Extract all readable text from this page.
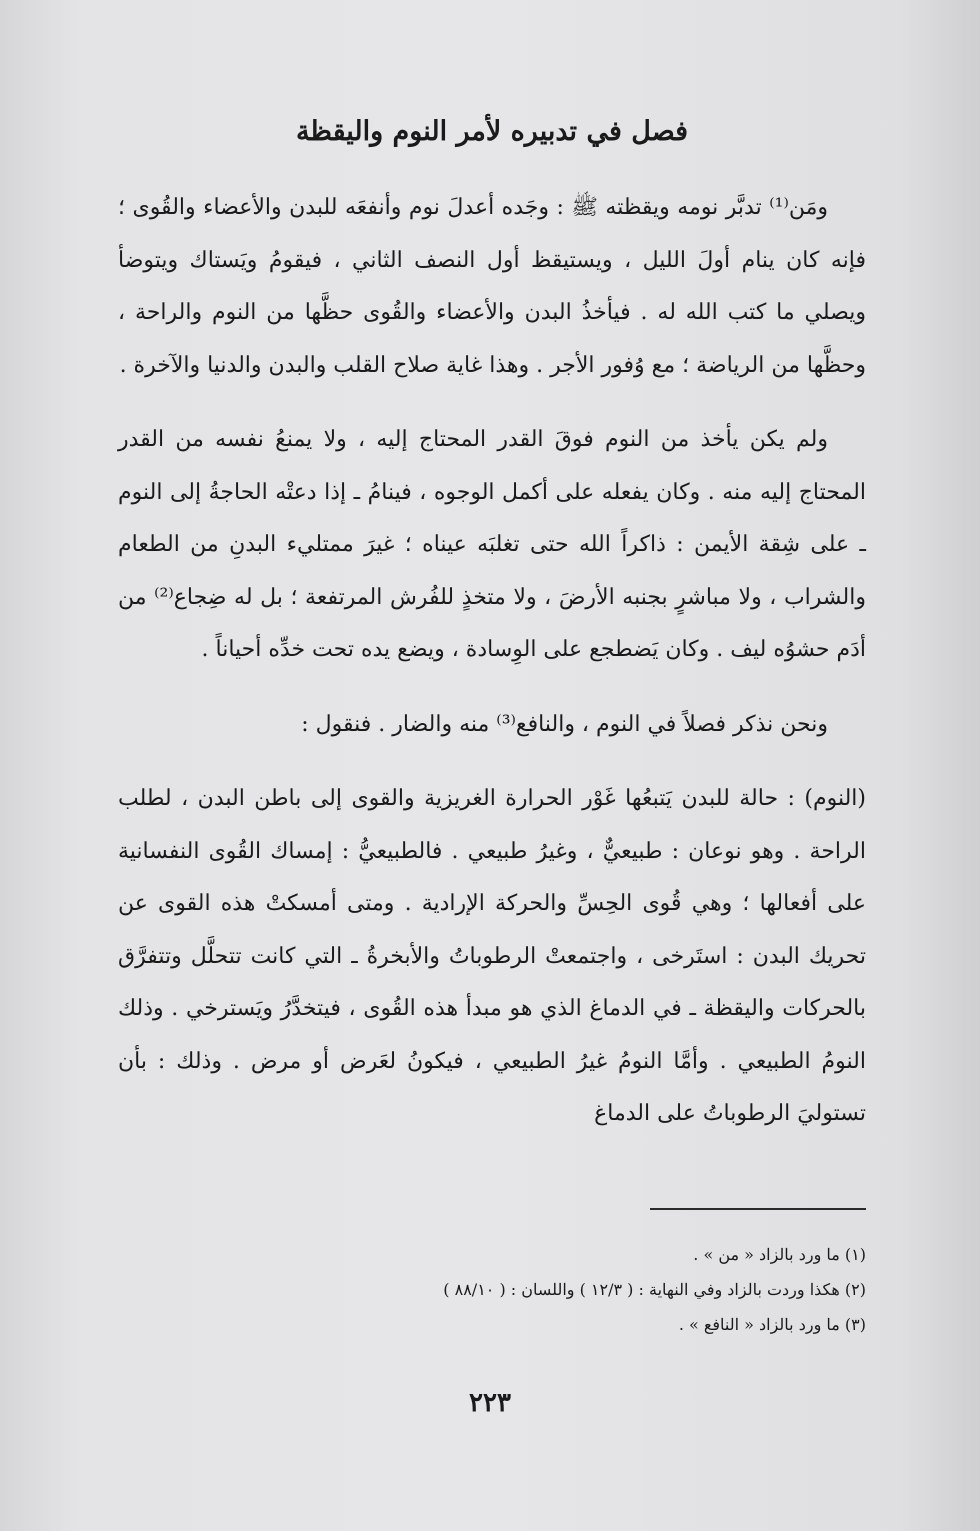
فصل في تدبيره لأمر النوم واليقظة

ومَن⁽¹⁾ تدبَّر نومه ويقظته ﷺ : وجَده أعدلَ نوم وأنفعَه للبدن والأعضاء والقُوى ؛ فإنه كان ينام أولَ الليل ، ويستيقظ أول النصف الثاني ، فيقومُ ويَستاك ويتوضأ ويصلي ما كتب الله له . فيأخذُ البدن والأعضاء والقُوى حظَّها من النوم والراحة ، وحظَّها من الرياضة ؛ مع وُفور الأجر . وهذا غاية صلاح القلب والبدن والدنيا والآخرة .

ولم يكن يأخذ من النوم فوقَ القدر المحتاج إليه ، ولا يمنعُ نفسه من القدر المحتاج إليه منه . وكان يفعله على أكمل الوجوه ، فينامُ ـ إذا دعتْه الحاجةُ إلى النوم ـ على شِقة الأيمن : ذاكراً الله حتى تغلبَه عيناه ؛ غيرَ ممتليء البدنِ من الطعام والشراب ، ولا مباشرٍ بجنبه الأرضَ ، ولا متخذٍ للفُرش المرتفعة ؛ بل له ضِجاع⁽²⁾ من أدَم حشوُه ليف . وكان يَضطجع على الوِسادة ، ويضع يده تحت خدِّه أحياناً .

ونحن نذكر فصلاً في النوم ، والنافع⁽³⁾ منه والضار . فنقول :

(النوم) : حالة للبدن يَتبعُها غَوْر الحرارة الغريزية والقوى إلى باطن البدن ، لطلب الراحة . وهو نوعان : طبيعيٌّ ، وغيرُ طبيعي . فالطبيعيُّ : إمساك القُوى النفسانية على أفعالها ؛ وهي قُوى الحِسِّ والحركة الإرادية . ومتى أمسكتْ هذه القوى عن تحريك البدن : استَرخى ، واجتمعتْ الرطوباتُ والأبخرةُ ـ التي كانت تتحلَّل وتتفرَّق بالحركات واليقظة ـ في الدماغ الذي هو مبدأ هذه القُوى ، فيتخدَّرُ ويَسترخي . وذلك النومُ الطبيعي . وأمَّا النومُ غيرُ الطبيعي ، فيكونُ لعَرض أو مرض . وذلك : بأن تستوليَ الرطوباتُ على الدماغ

(١) ما ورد بالزاد « من » .
(٢) هكذا وردت بالزاد وفي النهاية : ( ١٢/٣ ) واللسان : ( ٨٨/١٠ )
(٣) ما ورد بالزاد « النافع » .
٢٢٣
